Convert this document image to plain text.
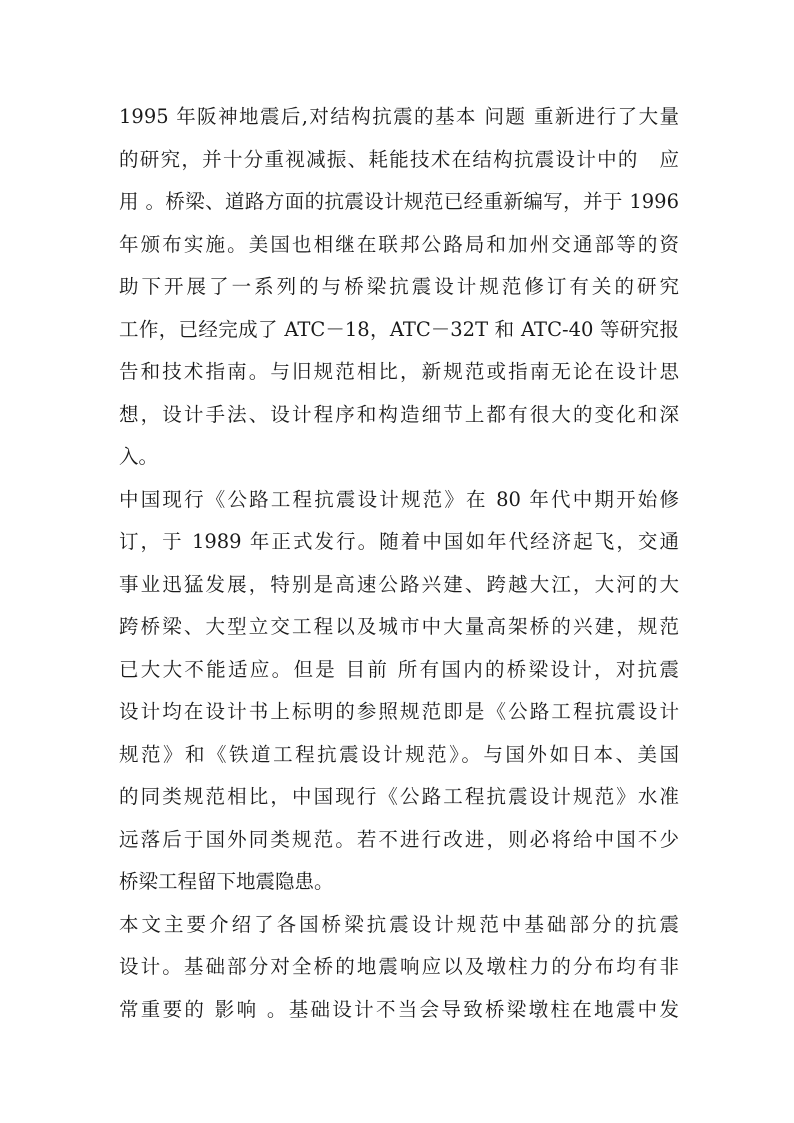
1995 年阪神地震后,对结构抗震的基本 问题 重新进行了大量
的研究，并十分重视减振、耗能技术在结构抗震设计中的　应
用 。桥梁、道路方面的抗震设计规范已经重新编写，并于 1996
年颁布实施。美国也相继在联邦公路局和加州交通部等的资
助下开展了一系列的与桥梁抗震设计规范修订有关的研究
工作，已经完成了 ATC－18，ATC－32T 和 ATC-40 等研究报
告和技术指南。与旧规范相比，新规范或指南无论在设计思
想，设计手法、设计程序和构造细节上都有很大的变化和深
入。
中国现行《公路工程抗震设计规范》在 80 年代中期开始修
订，于 1989 年正式发行。随着中国如年代经济起飞，交通
事业迅猛发展，特别是高速公路兴建、跨越大江，大河的大
跨桥梁、大型立交工程以及城市中大量高架桥的兴建，规范
已大大不能适应。但是 目前 所有国内的桥梁设计，对抗震
设计均在设计书上标明的参照规范即是《公路工程抗震设计
规范》和《铁道工程抗震设计规范》。与国外如日本、美国
的同类规范相比，中国现行《公路工程抗震设计规范》水准
远落后于国外同类规范。若不进行改进，则必将给中国不少
桥梁工程留下地震隐患。
本文主要介绍了各国桥梁抗震设计规范中基础部分的抗震
设计。基础部分对全桥的地震响应以及墩柱力的分布均有非
常重要的 影响 。基础设计不当会导致桥梁墩柱在地震中发
